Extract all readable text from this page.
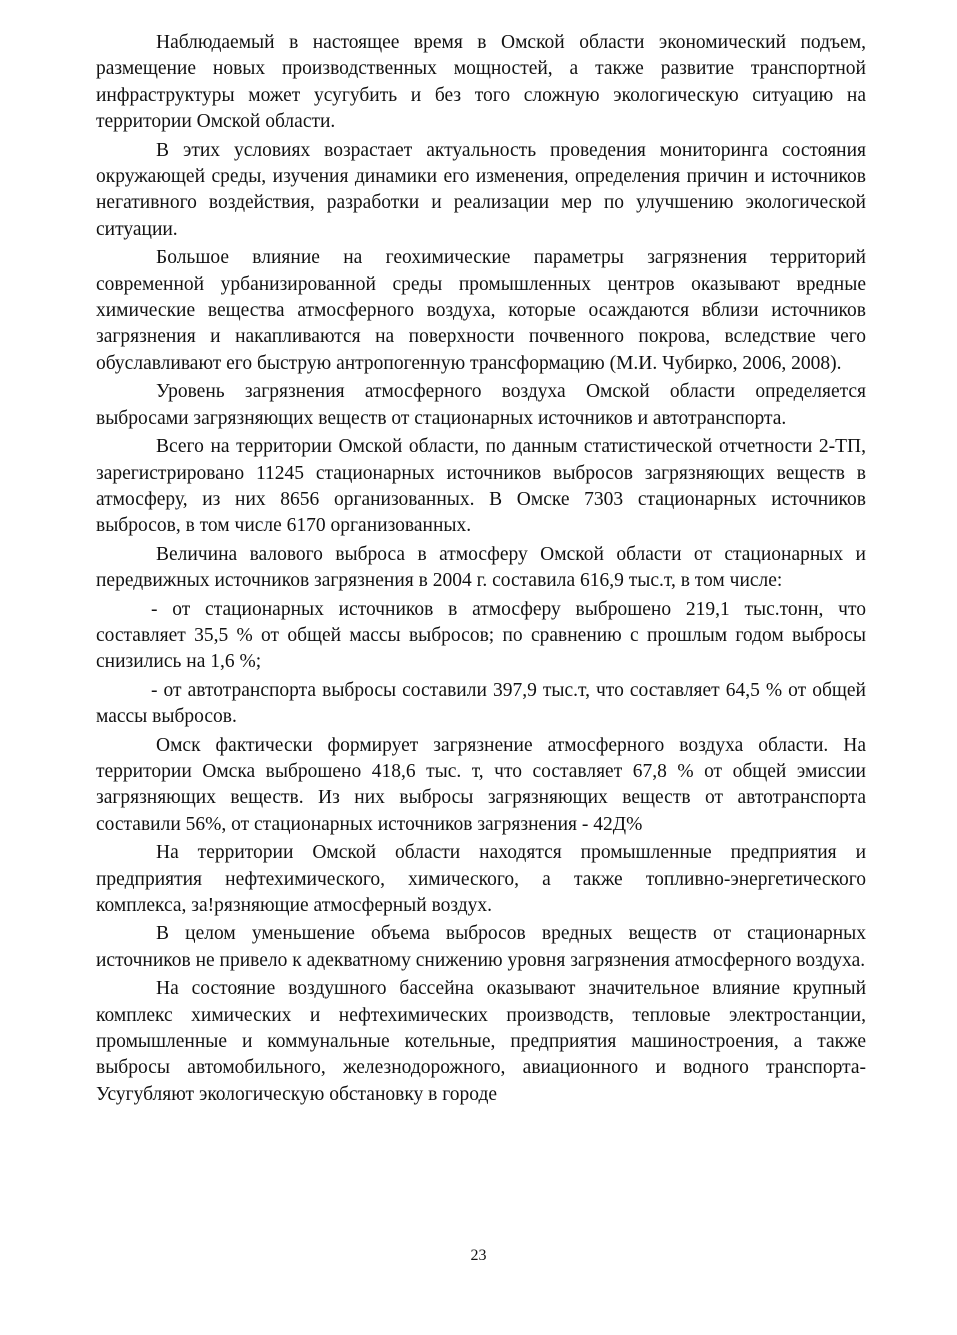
Наблюдаемый в настоящее время в Омской области экономический подъем, размещение новых производственных мощностей, а также развитие транспортной инфраструктуры может усугубить и без того сложную экологическую ситуацию на территории Омской области.

В этих условиях возрастает актуальность проведения мониторинга состояния окружающей среды, изучения динамики его изменения, определения причин и источников негативного воздействия, разработки и реализации мер по улучшению экологической ситуации.

Большое влияние на геохимические параметры загрязнения территорий современной урбанизированной среды промышленных центров оказывают вредные химические вещества атмосферного воздуха, которые осаждаются вблизи источников загрязнения и накапливаются на поверхности почвенного покрова, вследствие чего обуславливают его быструю антропогенную трансформацию (М.И. Чубирко, 2006, 2008).

Уровень загрязнения атмосферного воздуха Омской области определяется выбросами загрязняющих веществ от стационарных источников и автотранспорта.

Всего на территории Омской области, по данным статистической отчетности 2-ТП, зарегистрировано 11245 стационарных источников выбросов загрязняющих веществ в атмосферу, из них 8656 организованных. В Омске 7303 стационарных источников выбросов, в том числе 6170 организованных.

Величина валового выброса в атмосферу Омской области от стационарных и передвижных источников загрязнения в 2004 г. составила 616,9 тыс.т, в том числе:

- от стационарных источников в атмосферу выброшено 219,1 тыс.тонн, что составляет 35,5 % от общей массы выбросов; по сравнению с прошлым годом выбросы снизились на 1,6 %;

- от автотранспорта выбросы составили 397,9 тыс.т, что составляет 64,5 % от общей массы выбросов.

Омск фактически формирует загрязнение атмосферного воздуха области. На территории Омска выброшено 418,6 тыс. т, что составляет 67,8 % от общей эмиссии загрязняющих веществ. Из них выбросы загрязняющих веществ от автотранспорта составили 56%, от стационарных источников загрязнения - 42Д%

На территории Омской области находятся промышленные предприятия и предприятия нефтехимического, химического, а также топливно-энергетического комплекса, за!рязняющие атмосферный воздух.

В целом уменьшение объема выбросов вредных веществ от стационарных источников не привело к адекватному снижению уровня загрязнения атмосферного воздуха.

На состояние воздушного бассейна оказывают значительное влияние крупный комплекс химических и нефтехимических производств, тепловые электростанции, промышленные и коммунальные котельные, предприятия машиностроения, а также выбросы автомобильного, железнодорожного, авиационного и водного транспорта- Усугубляют экологическую обстановку в городе

23
